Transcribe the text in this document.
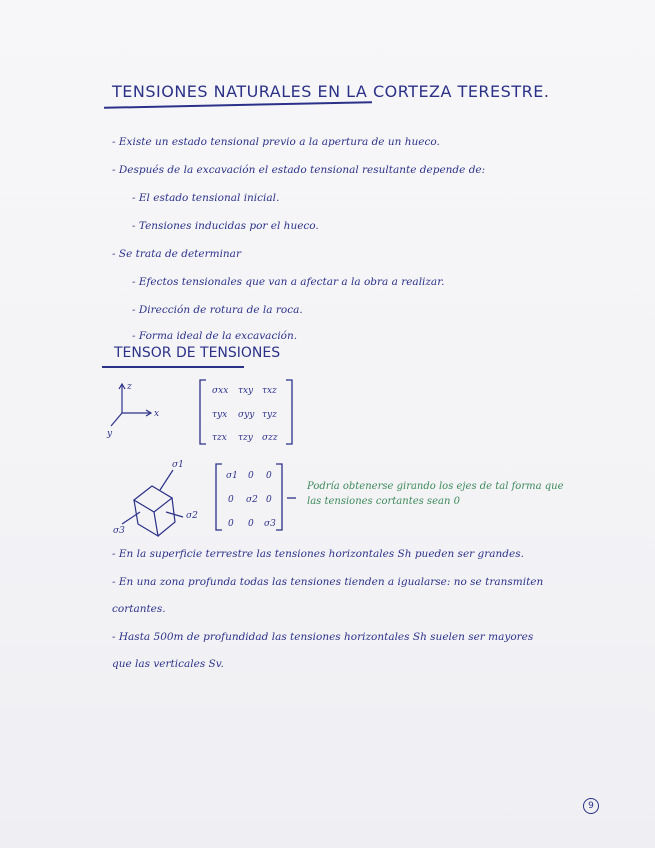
TENSIONES NATURALES EN LA CORTEZA TERESTRE.
- Existe un estado tensional previo a la apertura de un hueco.
- Después de la excavación el estado tensional resultante depende de:
- El estado tensional inicial.
- Tensiones inducidas por el hueco.
- Se trata de determinar
- Efectos tensionales que van a afectar a la obra a realizar.
- Dirección de rotura de la roca.
- Forma ideal de la excavación.
TENSOR DE TENSIONES
z
x
y
σxx τxy τxz
τyx σyy τyz
τzx τzy σzz
σ1
σ2
σ3
σ1 0 0
0 σ2 0
0 0 σ3
Podría obtenerse girando los ejes de tal forma que las tensiones cortantes sean 0
- En la superficie terrestre las tensiones horizontales Sh pueden ser grandes.
- En una zona profunda todas las tensiones tienden a igualarse: no se transmiten
cortantes.
- Hasta 500m de profundidad las tensiones horizontales Sh suelen ser mayores
que las verticales Sv.
9
